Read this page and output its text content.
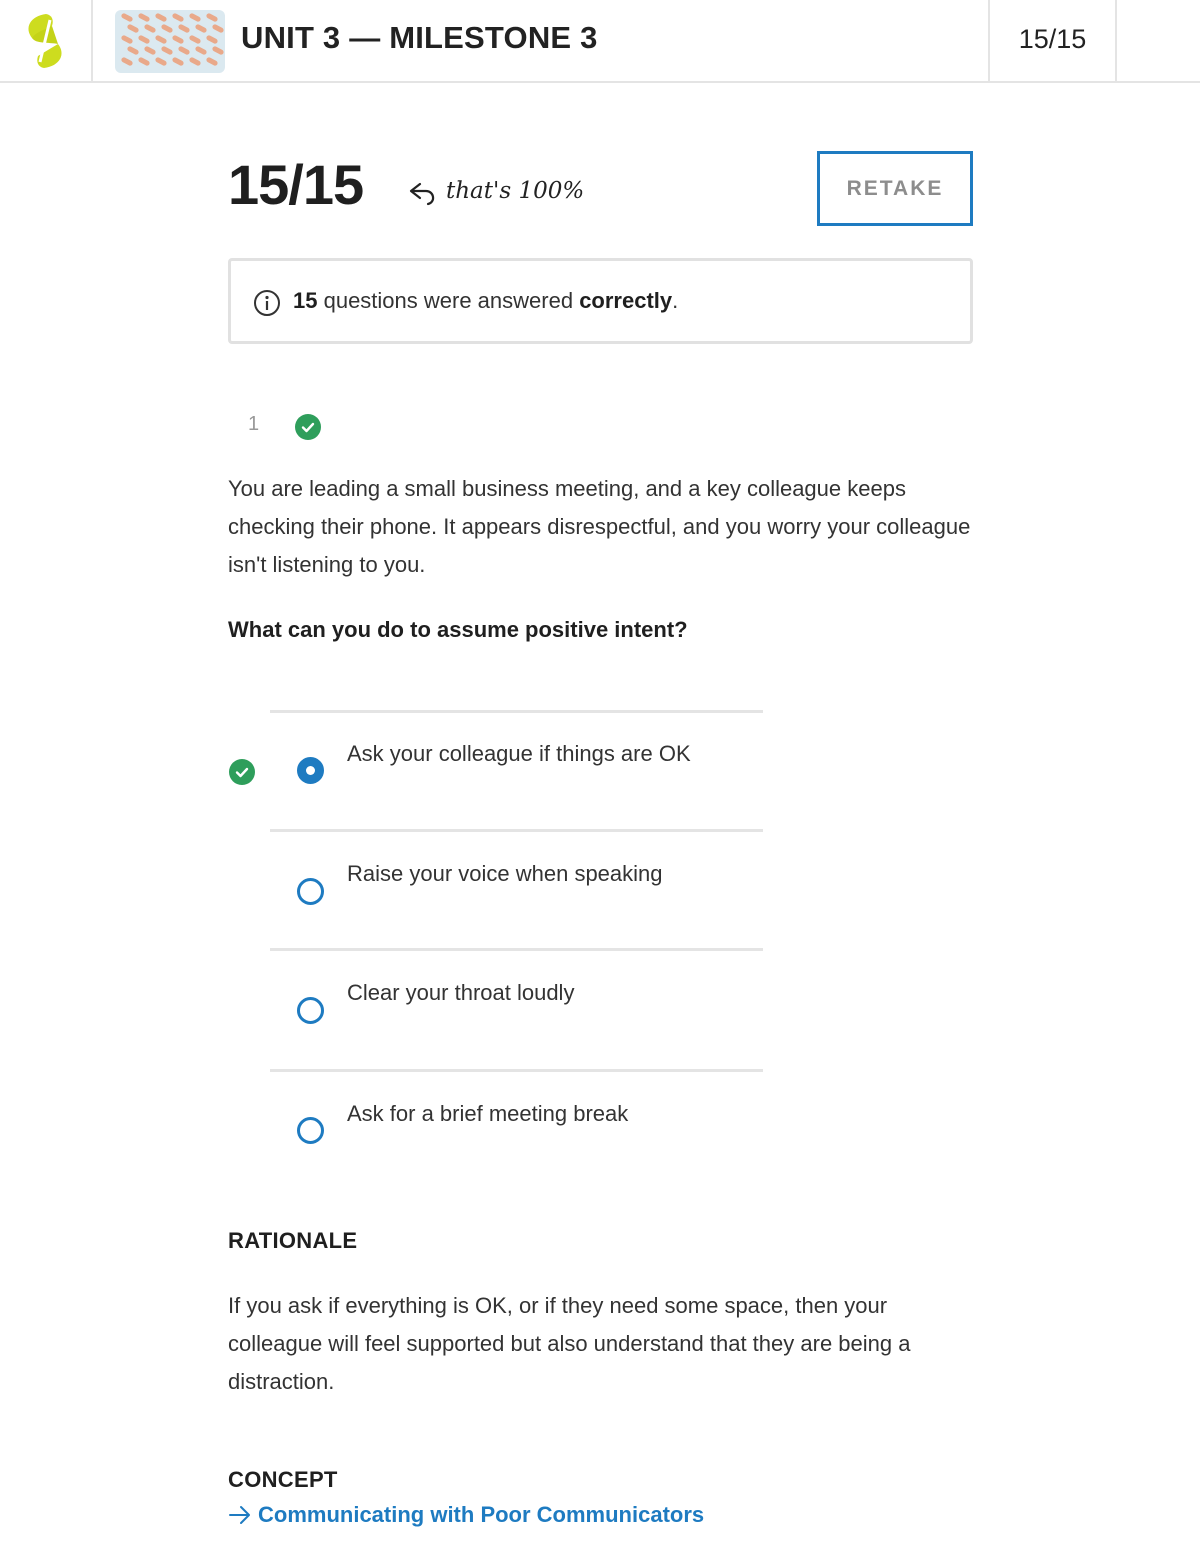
UNIT 3 — MILESTONE 3	15/15
15/15	that's 100%	RETAKE
15 questions were answered correctly.
1
You are leading a small business meeting, and a key colleague keeps checking their phone. It appears disrespectful, and you worry your colleague isn't listening to you.
What can you do to assume positive intent?
Ask your colleague if things are OK
Raise your voice when speaking
Clear your throat loudly
Ask for a brief meeting break
RATIONALE
If you ask if everything is OK, or if they need some space, then your colleague will feel supported but also understand that they are being a distraction.
CONCEPT
Communicating with Poor Communicators
